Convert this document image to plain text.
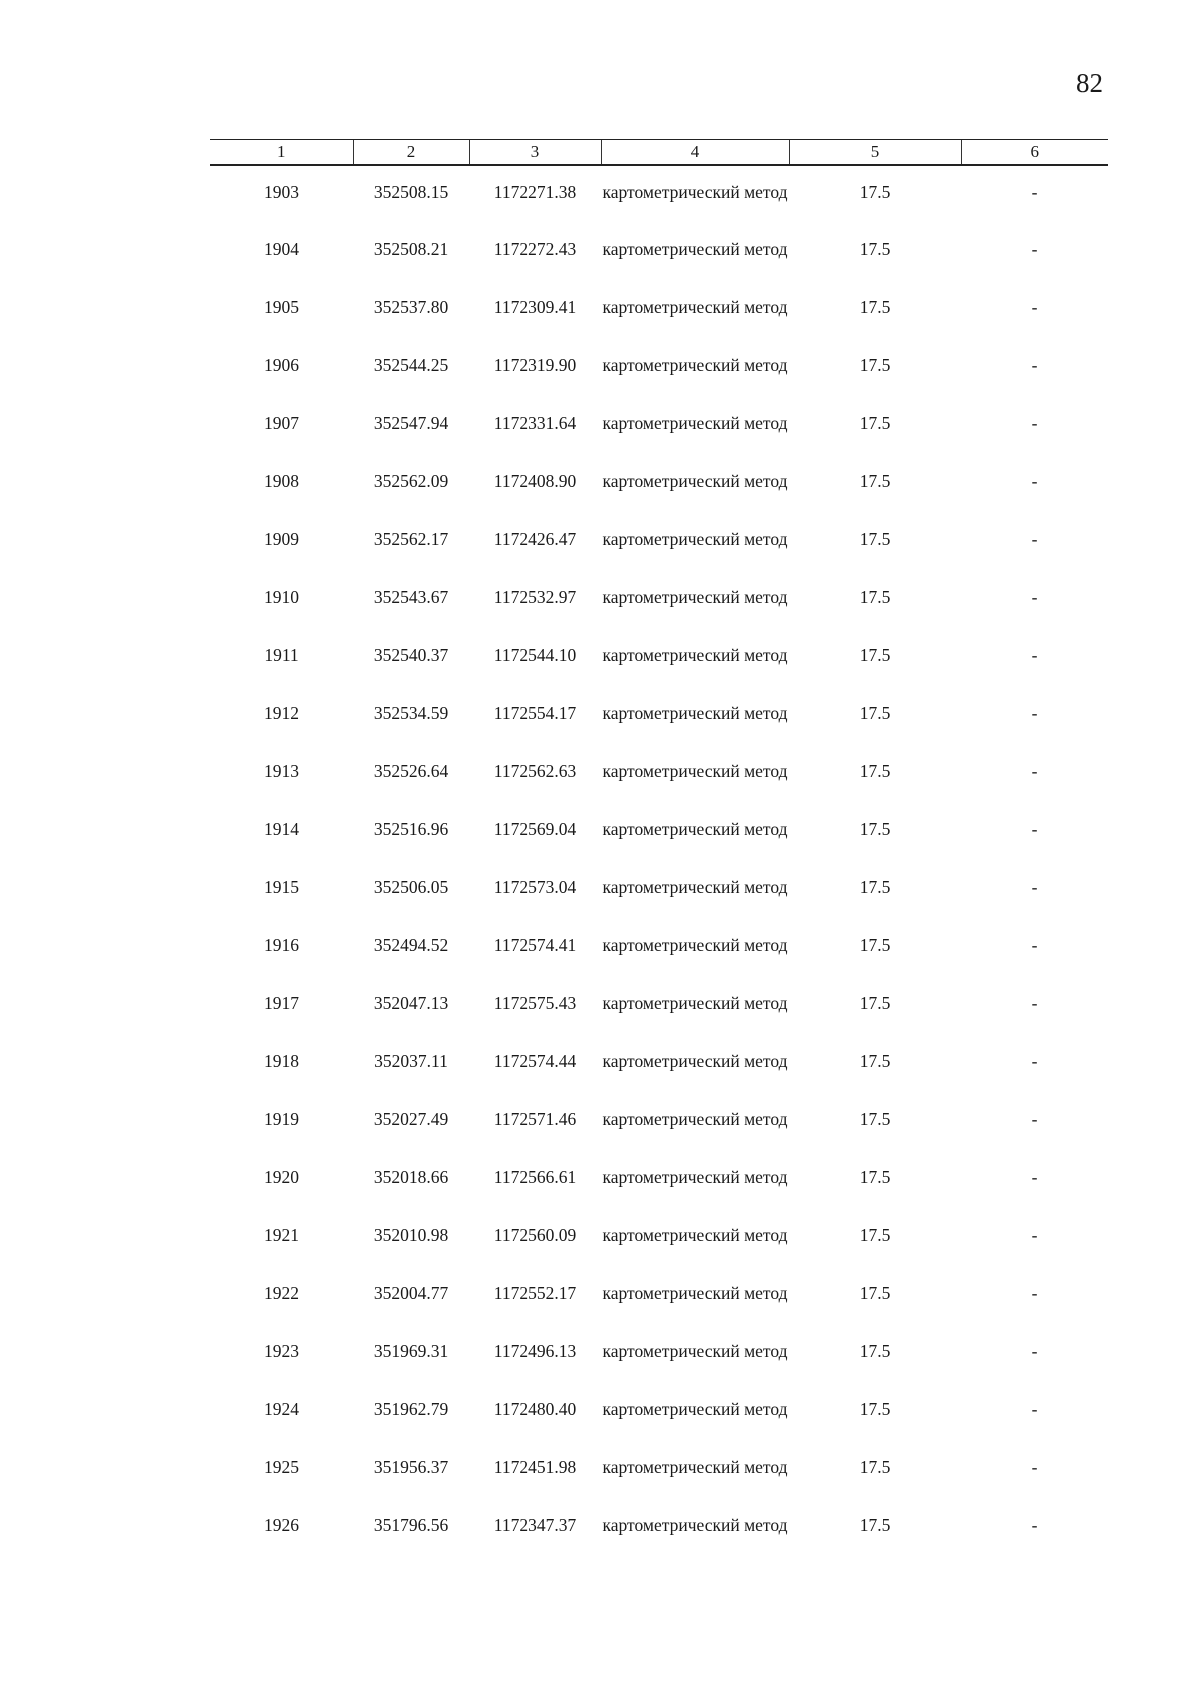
82
1	2	3	4	5	6
1903	352508.15	1172271.38	картометрический метод	17.5	-
1904	352508.21	1172272.43	картометрический метод	17.5	-
1905	352537.80	1172309.41	картометрический метод	17.5	-
1906	352544.25	1172319.90	картометрический метод	17.5	-
1907	352547.94	1172331.64	картометрический метод	17.5	-
1908	352562.09	1172408.90	картометрический метод	17.5	-
1909	352562.17	1172426.47	картометрический метод	17.5	-
1910	352543.67	1172532.97	картометрический метод	17.5	-
1911	352540.37	1172544.10	картометрический метод	17.5	-
1912	352534.59	1172554.17	картометрический метод	17.5	-
1913	352526.64	1172562.63	картометрический метод	17.5	-
1914	352516.96	1172569.04	картометрический метод	17.5	-
1915	352506.05	1172573.04	картометрический метод	17.5	-
1916	352494.52	1172574.41	картометрический метод	17.5	-
1917	352047.13	1172575.43	картометрический метод	17.5	-
1918	352037.11	1172574.44	картометрический метод	17.5	-
1919	352027.49	1172571.46	картометрический метод	17.5	-
1920	352018.66	1172566.61	картометрический метод	17.5	-
1921	352010.98	1172560.09	картометрический метод	17.5	-
1922	352004.77	1172552.17	картометрический метод	17.5	-
1923	351969.31	1172496.13	картометрический метод	17.5	-
1924	351962.79	1172480.40	картометрический метод	17.5	-
1925	351956.37	1172451.98	картометрический метод	17.5	-
1926	351796.56	1172347.37	картометрический метод	17.5	-
